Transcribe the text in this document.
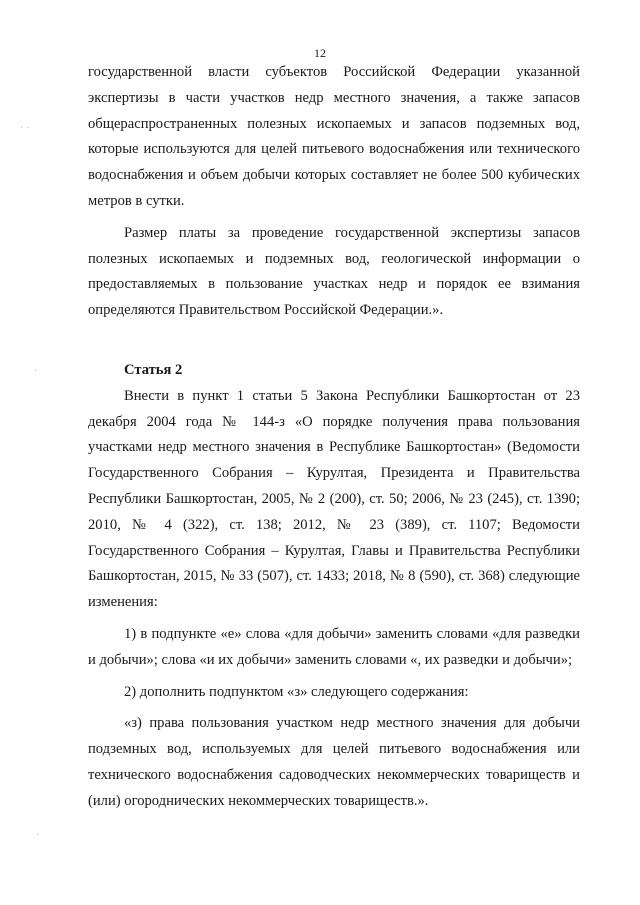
12
· ·
·
·

государственной власти субъектов Российской Федерации указанной экспертизы в части участков недр местного значения, а также запасов общераспространенных полезных ископаемых и запасов подземных вод, которые используются для целей питьевого водоснабжения или технического водоснабжения и объем добычи которых составляет не более 500 кубических метров в сутки.

Размер платы за проведение государственной экспертизы запасов полезных ископаемых и подземных вод, геологической информации о предоставляемых в пользование участках недр и порядок ее взимания определяются Правительством Российской Федерации.».

Статья 2

Внести в пункт 1 статьи 5 Закона Республики Башкортостан от 23 декабря 2004 года № 144-з «О порядке получения права пользования участками недр местного значения в Республике Башкортостан» (Ведомости Государственного Собрания – Курултая, Президента и Правительства Республики Башкортостан, 2005, № 2 (200), ст. 50; 2006, № 23 (245), ст. 1390; 2010, № 4 (322), ст. 138; 2012, № 23 (389), ст. 1107; Ведомости Государственного Собрания – Курултая, Главы и Правительства Республики Башкортостан, 2015, № 33 (507), ст. 1433; 2018, № 8 (590), ст. 368) следующие изменения:

1) в подпункте «е» слова «для добычи» заменить словами «для разведки и добычи»; слова «и их добычи» заменить словами «, их разведки и добычи»;

2) дополнить подпунктом «з» следующего содержания:

«з) права пользования участком недр местного значения для добычи подземных вод, используемых для целей питьевого водоснабжения или технического водоснабжения садоводческих некоммерческих товариществ и (или) огороднических некоммерческих товариществ.».
